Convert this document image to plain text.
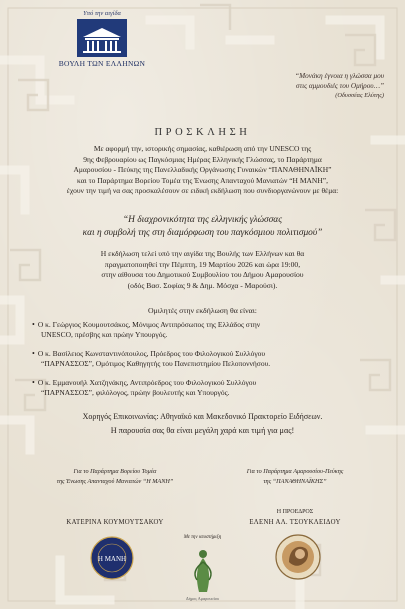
Υπό την αιγίδα
ΒΟΥΛΗ ΤΩΝ ΕΛΛΗΝΩΝ
“Μονάκη έγνοια η γλώσσα μου
στις αμμουδιές του Ομήρου…”
(Οδυσσέας Ελύτης)
ΠΡΟΣΚΛΗΣΗ
Με αφορμή την, ιστορικής σημασίας, καθιέρωση από την UNESCO της
9ης Φεβρουαρίου ως Παγκόσμιας Ημέρας Ελληνικής Γλώσσας, το Παράρτημα
Αμαρουσίου - Πεύκης της Πανελλαδικής Οργάνωσης Γυναικών “ΠΑΝΑΘΗΝΑΪΚΗ”
και το Παράρτημα Βορείου Τομέα της Ένωσης Απανταχού Μανιατών “Η ΜΑΝΗ”,
έχουν την τιμή να σας προσκαλέσουν σε ειδική εκδήλωση που συνδιοργανώνουν με θέμα:
“Η διαχρονικότητα της ελληνικής γλώσσας
και η συμβολή της στη διαμόρφωση του παγκόσμιου πολιτισμού”
Η εκδήλωση τελεί υπό την αιγίδα της Βουλής των Ελλήνων και θα
πραγματοποιηθεί την Πέμπτη, 19 Μαρτίου 2026 και ώρα 19:00,
στην αίθουσα του Δημοτικού Συμβουλίου του Δήμου Αμαρουσίου
(οδός Βασ. Σοφίας 9 & Δημ. Μόσχα - Μαρούσι).
Ομιλητές στην εκδήλωση θα είναι:
• Ο κ. Γεώργιος Κουμουτσάκος, Μόνιμος Αντιπρόσωπος της Ελλάδος στην
UNESCO, πρέσβης και πρώην Υπουργός.
• Ο κ. Βασίλειος Κωνσταντινόπουλος, Πρόεδρος του Φιλολογικού Συλλόγου
“ΠΑΡΝΑΣΣΟΣ”, Ομότιμος Καθηγητής του Πανεπιστημίου Πελοποννήσου.
• Ο κ. Εμμανουήλ Χατζηνάκης, Αντιπρόεδρος του Φιλολογικού Συλλόγου
“ΠΑΡΝΑΣΣΟΣ”, φιλόλογος, πρώην βουλευτής και Υπουργός.
Χορηγός Επικοινωνίας: Αθηναϊκό και Μακεδονικό Πρακτορείο Ειδήσεων.
Η παρουσία σας θα είναι μεγάλη χαρά και τιμή για μας!
Για το Παράρτημα Βορείου Τομέα
της Ένωσης Απανταχού Μανιατών “Η ΜΑΝΗ”
Για το Παράρτημα Αμαρουσίου-Πεύκης
της “ΠΑΝΑΘΗΝΑΪΚΗΣ”
Η ΠΡΟΕΔΡΟΣ
ΚΑΤΕΡΙΝΑ ΚΟΥΜΟΥΤΣΑΚΟΥ	ΕΛΕΝΗ ΑΛ. ΤΣΟΥΚΛΕΙΔΟΥ
Με την υποστήριξη
Η ΜΑΝΗ
Δήμος Αμαρουσίου
